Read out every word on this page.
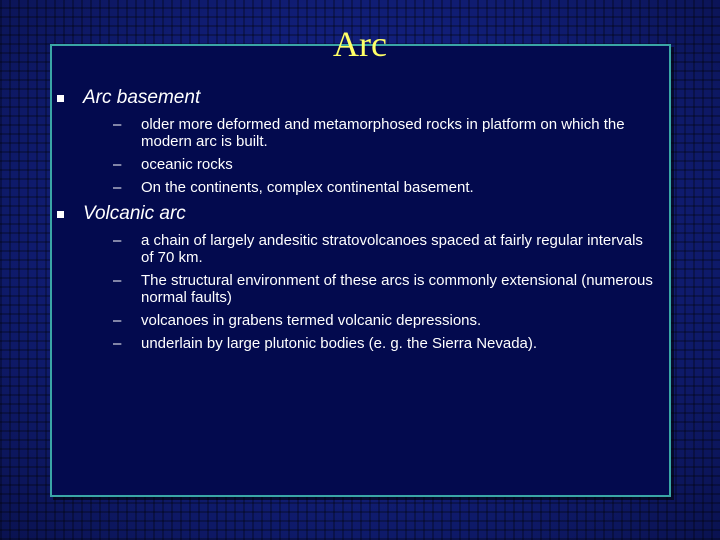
Arc
Arc basement
– older more deformed and metamorphosed rocks in platform on which the modern arc is built.
– oceanic rocks
– On the continents, complex continental basement.
Volcanic arc
– a chain of largely andesitic stratovolcanoes spaced at fairly regular intervals of 70 km.
– The structural environment of these arcs is commonly extensional (numerous normal faults)
– volcanoes in grabens termed volcanic depressions.
– underlain by large plutonic bodies (e. g. the Sierra Nevada).
